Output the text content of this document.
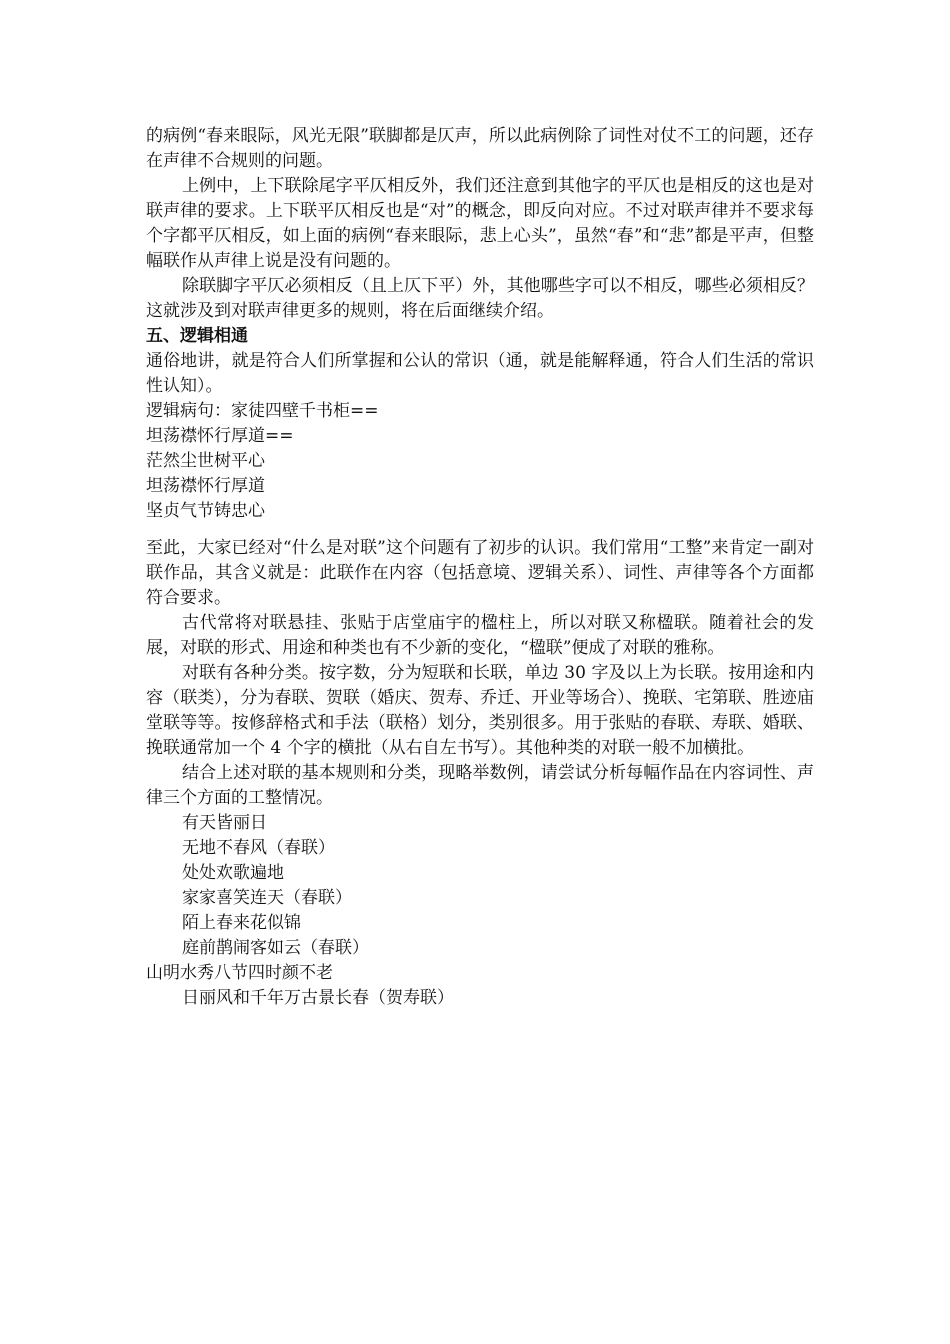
的病例“春来眼际，风光无限”联脚都是仄声，所以此病例除了词性对仗不工的问题，还存在声律不合规则的问题。

上例中，上下联除尾字平仄相反外，我们还注意到其他字的平仄也是相反的这也是对联声律的要求。上下联平仄相反也是“对”的概念，即反向对应。不过对联声律并不要求每个字都平仄相反，如上面的病例“春来眼际，悲上心头”，虽然“春”和“悲”都是平声，但整幅联作从声律上说是没有问题的。

除联脚字平仄必须相反（且上仄下平）外，其他哪些字可以不相反，哪些必须相反？这就涉及到对联声律更多的规则，将在后面继续介绍。

五、逻辑相通

通俗地讲，就是符合人们所掌握和公认的常识（通，就是能解释通，符合人们生活的常识性认知）。

逻辑病句：家徒四壁千书柜==

坦荡襟怀行厚道==

茫然尘世树平心

坦荡襟怀行厚道

坚贞气节铸忠心

至此，大家已经对“什么是对联”这个问题有了初步的认识。我们常用“工整”来肯定一副对联作品，其含义就是：此联作在内容（包括意境、逻辑关系）、词性、声律等各个方面都符合要求。

古代常将对联悬挂、张贴于店堂庙宇的楹柱上，所以对联又称楹联。随着社会的发展，对联的形式、用途和种类也有不少新的变化，“楹联”便成了对联的雅称。

对联有各种分类。按字数，分为短联和长联，单边 30 字及以上为长联。按用途和内容（联类），分为春联、贺联（婚庆、贺寿、乔迁、开业等场合）、挽联、宅第联、胜迹庙堂联等等。按修辞格式和手法（联格）划分，类别很多。用于张贴的春联、寿联、婚联、挽联通常加一个 4 个字的横批（从右自左书写）。其他种类的对联一般不加横批。

结合上述对联的基本规则和分类，现略举数例，请尝试分析每幅作品在内容词性、声律三个方面的工整情况。

有天皆丽日

无地不春风（春联）

处处欢歌遍地

家家喜笑连天（春联）

陌上春来花似锦

庭前鹊闹客如云（春联）

山明水秀八节四时颜不老

日丽风和千年万古景长春（贺寿联）
